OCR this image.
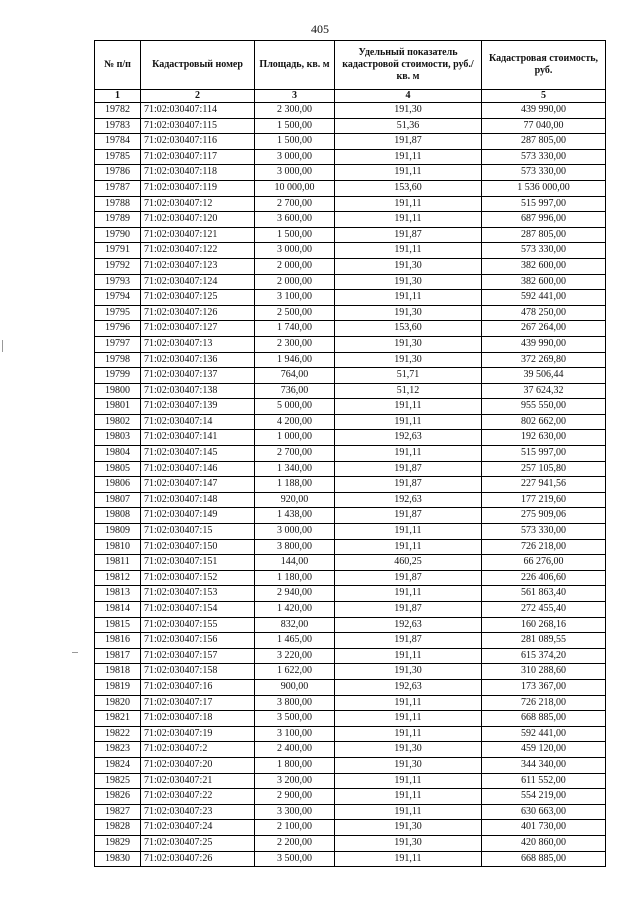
405
№ п/п	Кадастровый номер	Площадь, кв. м	Удельный показатель кадастровой стоимости, руб./кв. м	Кадастровая стоимость, руб.
1	2	3	4	5
19782	71:02:030407:114	2 300,00	191,30	439 990,00
19783	71:02:030407:115	1 500,00	51,36	77 040,00
19784	71:02:030407:116	1 500,00	191,87	287 805,00
19785	71:02:030407:117	3 000,00	191,11	573 330,00
19786	71:02:030407:118	3 000,00	191,11	573 330,00
19787	71:02:030407:119	10 000,00	153,60	1 536 000,00
19788	71:02:030407:12	2 700,00	191,11	515 997,00
19789	71:02:030407:120	3 600,00	191,11	687 996,00
19790	71:02:030407:121	1 500,00	191,87	287 805,00
19791	71:02:030407:122	3 000,00	191,11	573 330,00
19792	71:02:030407:123	2 000,00	191,30	382 600,00
19793	71:02:030407:124	2 000,00	191,30	382 600,00
19794	71:02:030407:125	3 100,00	191,11	592 441,00
19795	71:02:030407:126	2 500,00	191,30	478 250,00
19796	71:02:030407:127	1 740,00	153,60	267 264,00
19797	71:02:030407:13	2 300,00	191,30	439 990,00
19798	71:02:030407:136	1 946,00	191,30	372 269,80
19799	71:02:030407:137	764,00	51,71	39 506,44
19800	71:02:030407:138	736,00	51,12	37 624,32
19801	71:02:030407:139	5 000,00	191,11	955 550,00
19802	71:02:030407:14	4 200,00	191,11	802 662,00
19803	71:02:030407:141	1 000,00	192,63	192 630,00
19804	71:02:030407:145	2 700,00	191,11	515 997,00
19805	71:02:030407:146	1 340,00	191,87	257 105,80
19806	71:02:030407:147	1 188,00	191,87	227 941,56
19807	71:02:030407:148	920,00	192,63	177 219,60
19808	71:02:030407:149	1 438,00	191,87	275 909,06
19809	71:02:030407:15	3 000,00	191,11	573 330,00
19810	71:02:030407:150	3 800,00	191,11	726 218,00
19811	71:02:030407:151	144,00	460,25	66 276,00
19812	71:02:030407:152	1 180,00	191,87	226 406,60
19813	71:02:030407:153	2 940,00	191,11	561 863,40
19814	71:02:030407:154	1 420,00	191,87	272 455,40
19815	71:02:030407:155	832,00	192,63	160 268,16
19816	71:02:030407:156	1 465,00	191,87	281 089,55
19817	71:02:030407:157	3 220,00	191,11	615 374,20
19818	71:02:030407:158	1 622,00	191,30	310 288,60
19819	71:02:030407:16	900,00	192,63	173 367,00
19820	71:02:030407:17	3 800,00	191,11	726 218,00
19821	71:02:030407:18	3 500,00	191,11	668 885,00
19822	71:02:030407:19	3 100,00	191,11	592 441,00
19823	71:02:030407:2	2 400,00	191,30	459 120,00
19824	71:02:030407:20	1 800,00	191,30	344 340,00
19825	71:02:030407:21	3 200,00	191,11	611 552,00
19826	71:02:030407:22	2 900,00	191,11	554 219,00
19827	71:02:030407:23	3 300,00	191,11	630 663,00
19828	71:02:030407:24	2 100,00	191,30	401 730,00
19829	71:02:030407:25	2 200,00	191,30	420 860,00
19830	71:02:030407:26	3 500,00	191,11	668 885,00
